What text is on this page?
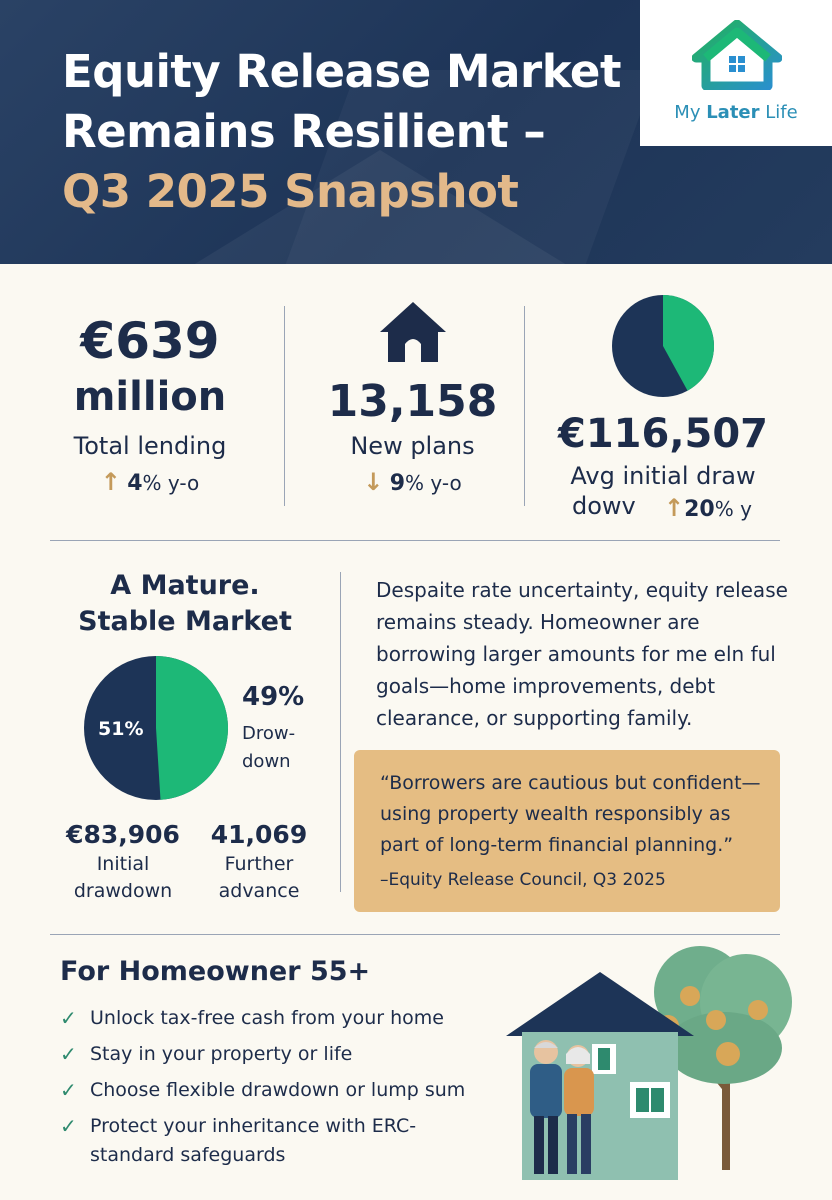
Equity Release Market
Remains Resilient –
Q3 2025 Snapshot
My Later Life
€639
million
Total lending
↑ 4% y-o
13,158
New plans
↓ 9% y-o
€116,507
Avg initial draw
dowv ↑20% y
A Mature.
Stable Market
51%
49%
Drow-
down
€83,906
Initial
drawdown
41,069
Further
advance
Despaite rate uncertainty, equity release remains steady. Homeowner are borrowing larger amounts for me eln ful goals—home improvements, debt clearance, or supporting family.
“Borrowers are cautious but confident—using property wealth responsibly as part of long-term financial planning.”
–Equity Release Council, Q3 2025
For Homeowner 55+
✓ Unlock tax-free cash from your home
✓ Stay in your property or life
✓ Choose flexible drawdown or lump sum
✓ Protect your inheritance with ERC-standard safeguards
